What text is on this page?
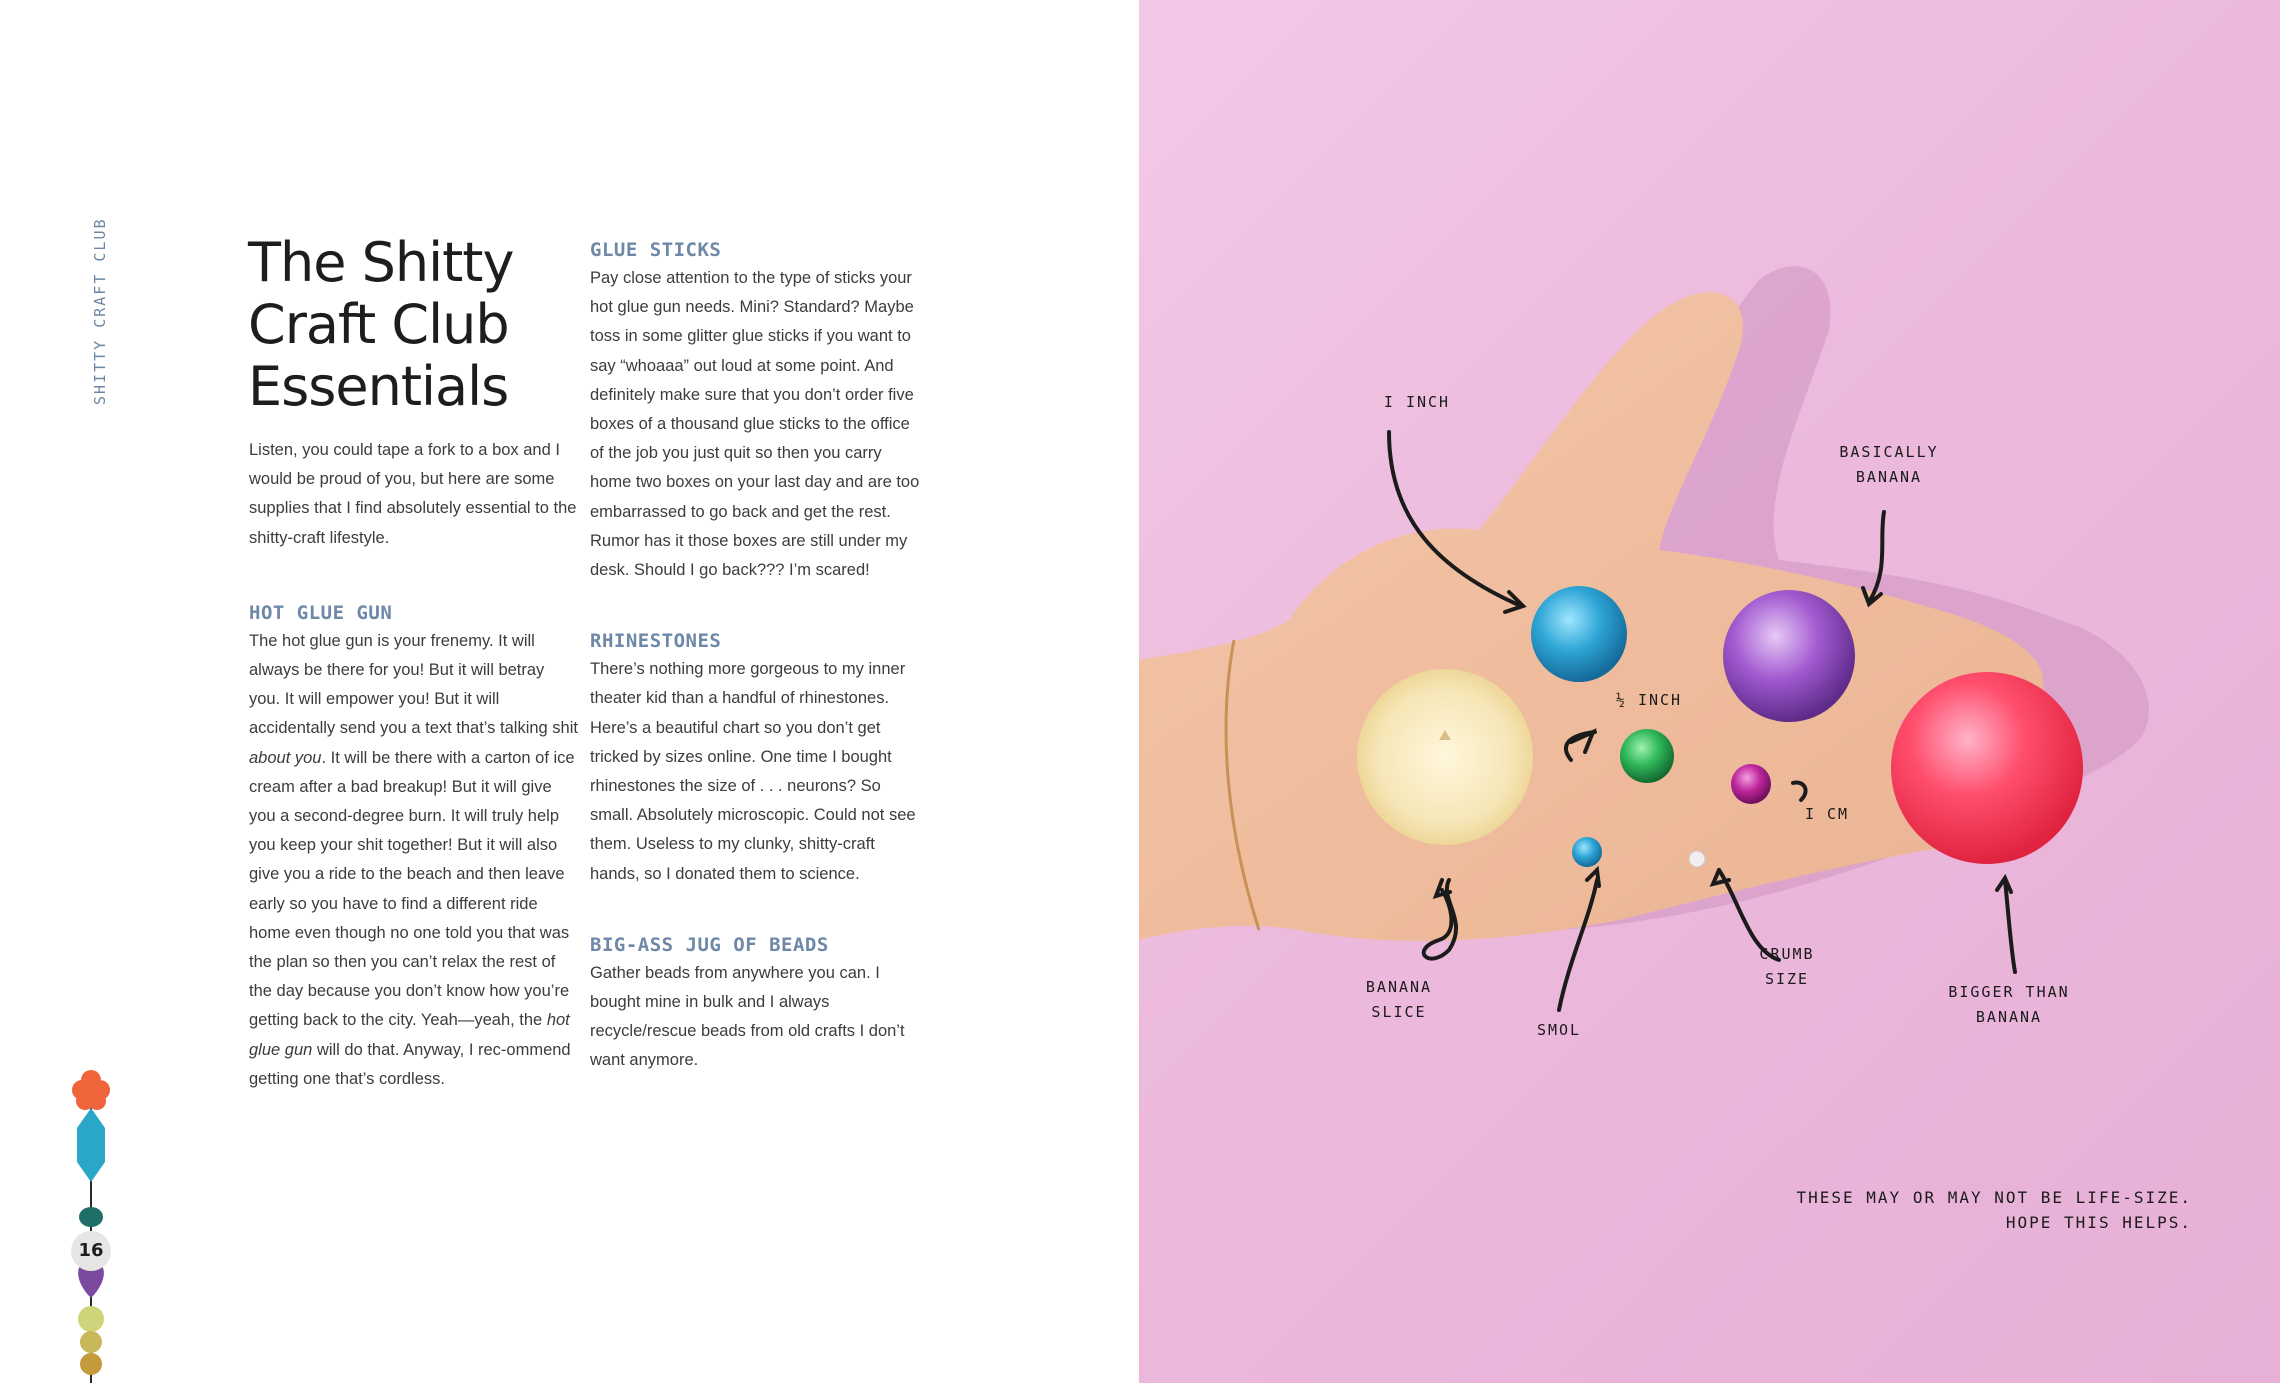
SHITTY CRAFT CLUB	The Shitty Craft Club Essentials

Listen, you could tape a fork to a box and I would be proud of you, but here are some supplies that I find absolutely essential to the shitty-craft lifestyle.

HOT GLUE GUN

The hot glue gun is your frenemy. It will always be there for you! But it will betray you. It will empower you! But it will accidentally send you a text that’s talking shit about you. It will be there with a carton of ice cream after a bad breakup! But it will give you a second-degree burn. It will truly help you keep your shit together! But it will also give you a ride to the beach and then leave early so you have to find a different ride home even though no one told you that was the plan so then you can’t relax the rest of the day because you don’t know how you’re getting back to the city. Yeah—yeah, the hot glue gun will do that. Anyway, I rec-ommend getting one that’s cordless.

GLUE STICKS

Pay close attention to the type of sticks your hot glue gun needs. Mini? Standard? Maybe toss in some glitter glue sticks if you want to say “whoaaa” out loud at some point. And definitely make sure that you don’t order five boxes of a thousand glue sticks to the office of the job you just quit so then you carry home two boxes on your last day and are too embarrassed to go back and get the rest. Rumor has it those boxes are still under my desk. Should I go back??? I’m scared!

RHINESTONES

There’s nothing more gorgeous to my inner theater kid than a handful of rhinestones. Here’s a beautiful chart so you don’t get tricked by sizes online. One time I bought rhinestones the size of . . . neurons? So small. Absolutely microscopic. Could not see them. Useless to my clunky, shitty-craft hands, so I donated them to science.

BIG-ASS JUG OF BEADS

Gather beads from anywhere you can. I bought mine in bulk and I always recycle/rescue beads from old crafts I don’t want anymore.

16
I INCH
BASICALLY
BANANA
½ INCH
I CM
BANANA
SLICE
SMOL
CRUMB
SIZE
BIGGER THAN
BANANA
THESE MAY OR MAY NOT BE LIFE-SIZE.
HOPE THIS HELPS.
